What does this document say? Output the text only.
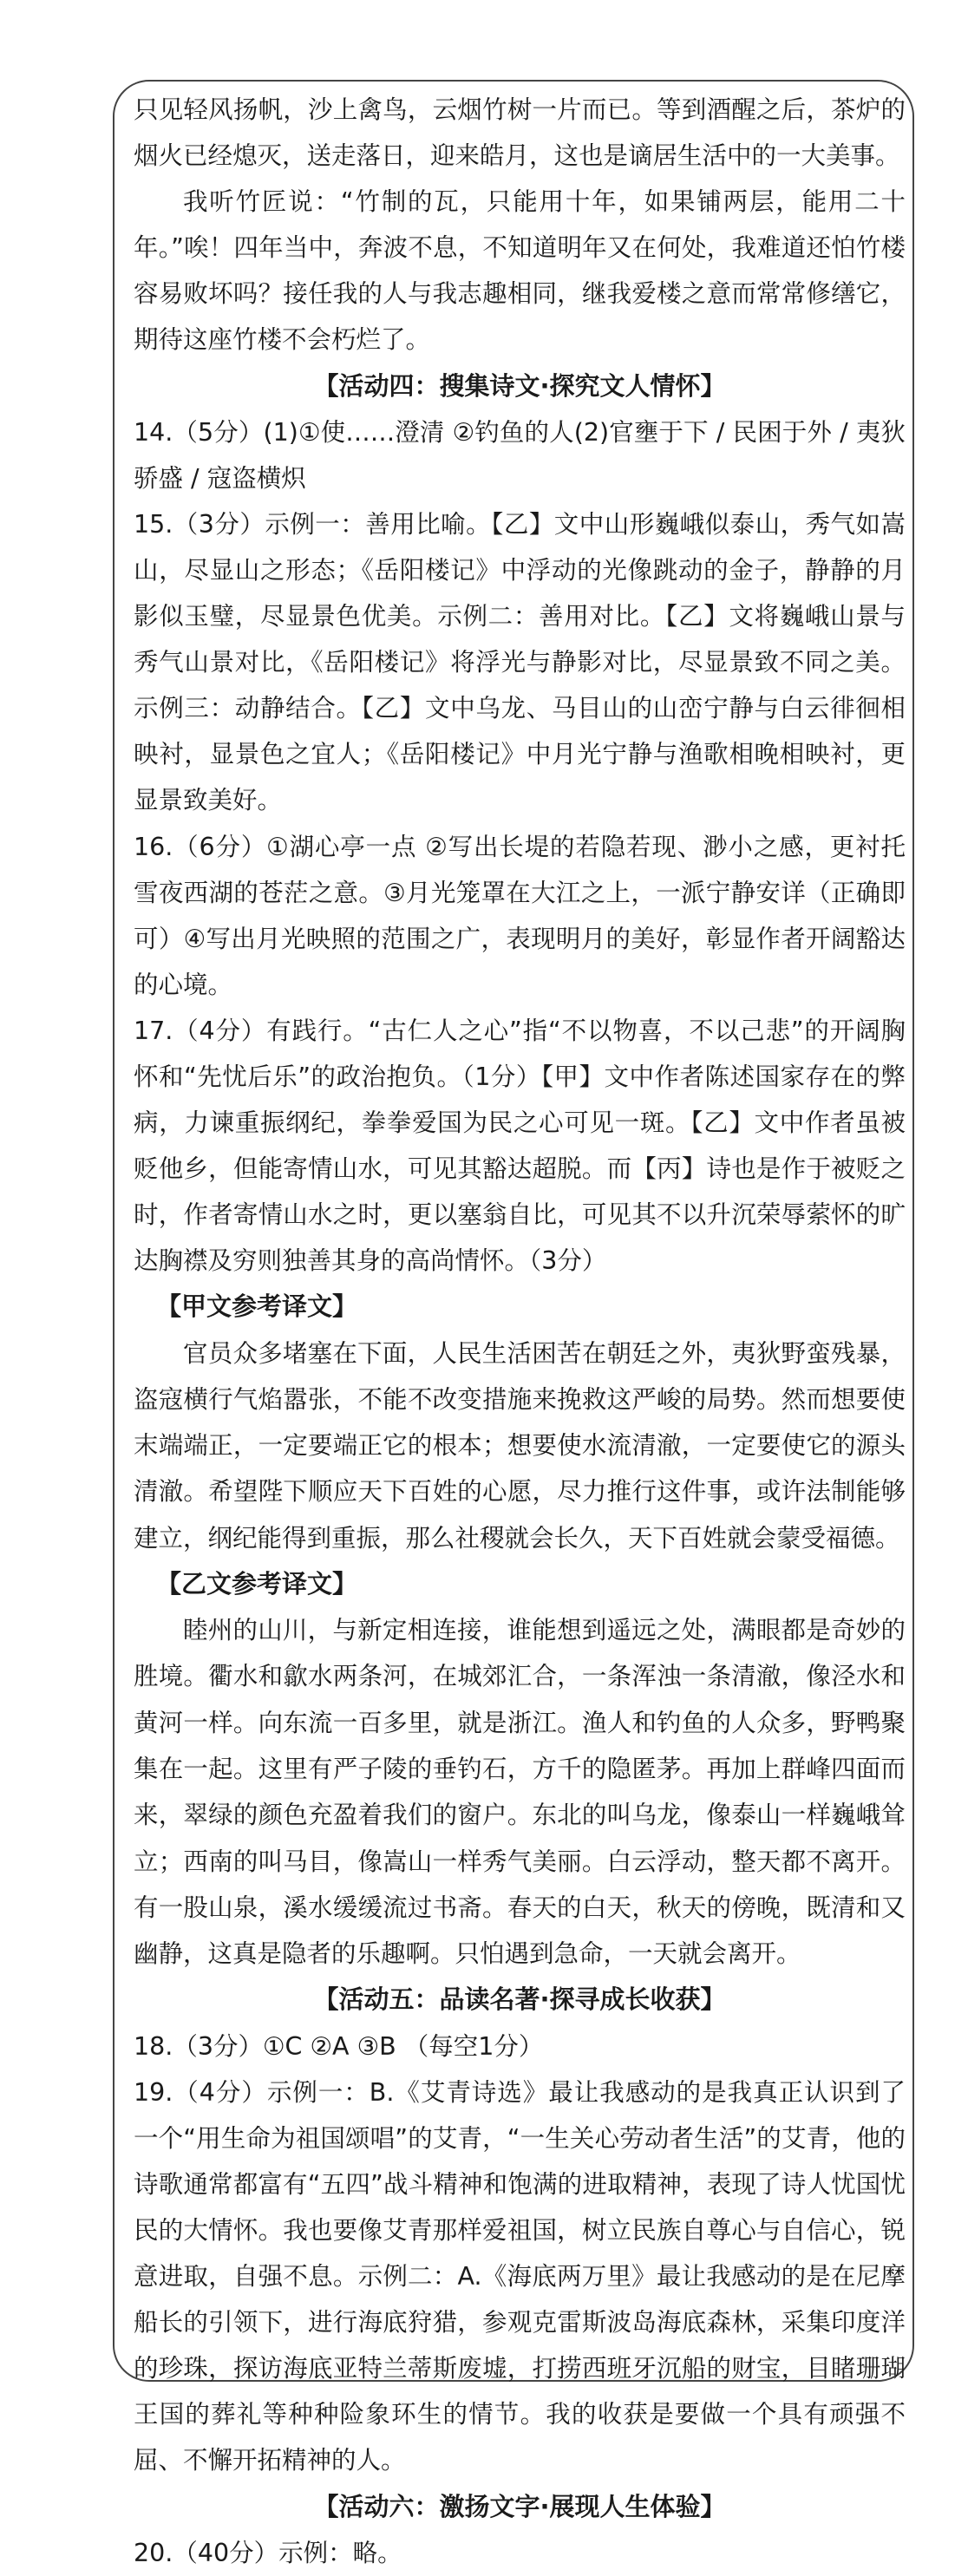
只见轻风扬帆，沙上禽鸟，云烟竹树一片而已。等到酒醒之后，茶炉的烟火已经熄灭，送走落日，迎来皓月，这也是谪居生活中的一大美事。

我听竹匠说：“竹制的瓦，只能用十年，如果铺两层，能用二十年。”唉！四年当中，奔波不息，不知道明年又在何处，我难道还怕竹楼容易败坏吗？接任我的人与我志趣相同，继我爱楼之意而常常修缮它，期待这座竹楼不会朽烂了。

【活动四：搜集诗文·探究文人情怀】

14.（5分）(1)①使……澄清 ②钓鱼的人(2)官壅于下 / 民困于外 / 夷狄骄盛 / 寇盗横炽

15.（3分）示例一：善用比喻。【乙】文中山形巍峨似泰山，秀气如嵩山，尽显山之形态；《岳阳楼记》中浮动的光像跳动的金子，静静的月影似玉璧，尽显景色优美。示例二：善用对比。【乙】文将巍峨山景与秀气山景对比，《岳阳楼记》将浮光与静影对比，尽显景致不同之美。示例三：动静结合。【乙】文中乌龙、马目山的山峦宁静与白云徘徊相映衬，显景色之宜人；《岳阳楼记》中月光宁静与渔歌相晚相映衬，更显景致美好。

16.（6分）①湖心亭一点 ②写出长堤的若隐若现、渺小之感，更衬托雪夜西湖的苍茫之意。③月光笼罩在大江之上，一派宁静安详（正确即可）④写出月光映照的范围之广，表现明月的美好，彰显作者开阔豁达的心境。

17.（4分）有践行。“古仁人之心”指“不以物喜，不以己悲”的开阔胸怀和“先忧后乐”的政治抱负。（1分）【甲】文中作者陈述国家存在的弊病，力谏重振纲纪，拳拳爱国为民之心可见一斑。【乙】文中作者虽被贬他乡，但能寄情山水，可见其豁达超脱。而【丙】诗也是作于被贬之时，作者寄情山水之时，更以塞翁自比，可见其不以升沉荣辱萦怀的旷达胸襟及穷则独善其身的高尚情怀。（3分）

【甲文参考译文】

官员众多堵塞在下面，人民生活困苦在朝廷之外，夷狄野蛮残暴，盗寇横行气焰嚣张，不能不改变措施来挽救这严峻的局势。然而想要使末端端正，一定要端正它的根本；想要使水流清澈，一定要使它的源头清澈。希望陛下顺应天下百姓的心愿，尽力推行这件事，或许法制能够建立，纲纪能得到重振，那么社稷就会长久，天下百姓就会蒙受福德。

【乙文参考译文】

睦州的山川，与新定相连接，谁能想到遥远之处，满眼都是奇妙的胜境。衢水和歙水两条河，在城郊汇合，一条浑浊一条清澈，像泾水和黄河一样。向东流一百多里，就是浙江。渔人和钓鱼的人众多，野鸭聚集在一起。这里有严子陵的垂钓石，方千的隐匿茅。再加上群峰四面而来，翠绿的颜色充盈着我们的窗户。东北的叫乌龙，像泰山一样巍峨耸立；西南的叫马目，像嵩山一样秀气美丽。白云浮动，整天都不离开。有一股山泉，溪水缓缓流过书斋。春天的白天，秋天的傍晚，既清和又幽静，这真是隐者的乐趣啊。只怕遇到急命，一天就会离开。

【活动五：品读名著·探寻成长收获】

18.（3分）①C ②A ③B （每空1分）

19.（4分）示例一：B.《艾青诗选》最让我感动的是我真正认识到了一个“用生命为祖国颂唱”的艾青，“一生关心劳动者生活”的艾青，他的诗歌通常都富有“五四”战斗精神和饱满的进取精神，表现了诗人忧国忧民的大情怀。我也要像艾青那样爱祖国，树立民族自尊心与自信心，锐意进取，自强不息。示例二：A.《海底两万里》最让我感动的是在尼摩船长的引领下，进行海底狩猎，参观克雷斯波岛海底森林，采集印度洋的珍珠，探访海底亚特兰蒂斯废墟，打捞西班牙沉船的财宝，目睹珊瑚王国的葬礼等种种险象环生的情节。我的收获是要做一个具有顽强不屈、不懈开拓精神的人。

【活动六：激扬文字·展现人生体验】

20.（40分）示例：略。
